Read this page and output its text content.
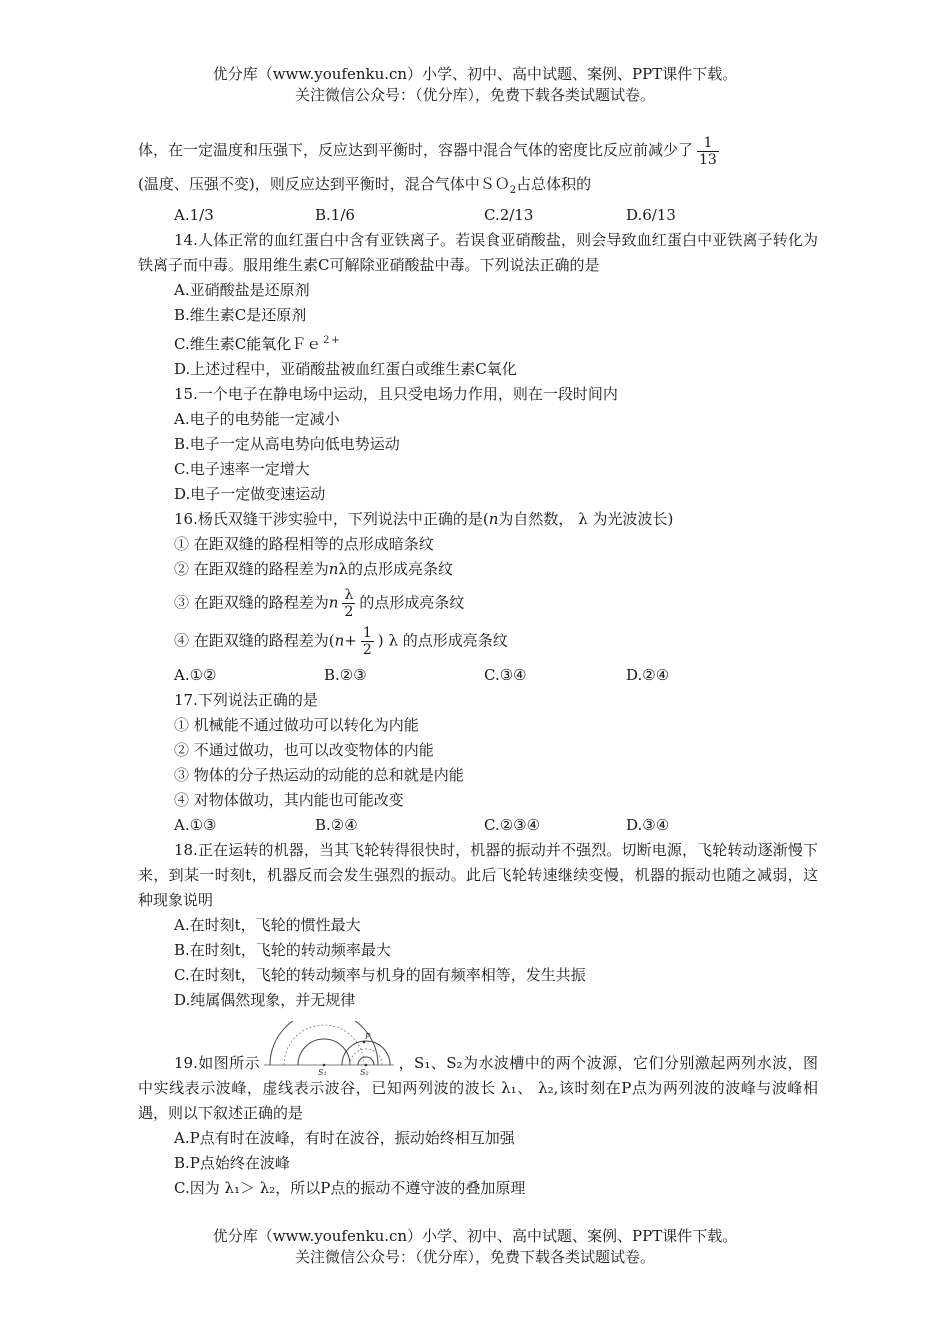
优分库（www.youfenku.cn）小学、初中、高中试题、案例、PPT课件下载。
关注微信公众号：（优分库），免费下载各类试题试卷。
体，在一定温度和压强下，反应达到平衡时，容器中混合气体的密度比反应前减少了 $\frac{1}{13}$
(温度、压强不变)，则反应达到平衡时，混合气体中ＳＯ$_2$占总体积的
A.1/3	B.1/6	C.2/13	D.6/13
14.人体正常的血红蛋白中含有亚铁离子。若误食亚硝酸盐，则会导致血红蛋白中亚铁离子转化为铁离子而中毒。服用维生素C可解除亚硝酸盐中毒。下列说法正确的是
A.亚硝酸盐是还原剂
B.维生素C是还原剂
C.维生素C能氧化Ｆｅ$^{2+}$
D.上述过程中，亚硝酸盐被血红蛋白或维生素C氧化
15.一个电子在静电场中运动，且只受电场力作用，则在一段时间内
A.电子的电势能一定减小
B.电子一定从高电势向低电势运动
C.电子速率一定增大
D.电子一定做变速运动
16.杨氏双缝干涉实验中，下列说法中正确的是(n为自然数， λ 为光波波长)
① 在距双缝的路程相等的点形成暗条纹
② 在距双缝的路程差为nλ的点形成亮条纹
③ 在距双缝的路程差为n $\frac{\lambda}{2}$ 的点形成亮条纹
④ 在距双缝的路程差为($n+ \frac{1}{2}$ ) λ 的点形成亮条纹
A.①②	B.②③	C.③④	D.②④
17.下列说法正确的是
① 机械能不通过做功可以转化为内能
② 不通过做功，也可以改变物体的内能
③ 物体的分子热运动的动能的总和就是内能
④ 对物体做功，其内能也可能改变
A.①③	B.②④	C.②③④	D.③④
18.正在运转的机器，当其飞轮转得很快时，机器的振动并不强烈。切断电源，飞轮转动逐渐慢下来，到某一时刻t，机器反而会发生强烈的振动。此后飞轮转速继续变慢，机器的振动也随之减弱，这种现象说明
A.在时刻t，飞轮的惯性最大
B.在时刻t，飞轮的转动频率最大
C.在时刻t，飞轮的转动频率与机身的固有频率相等，发生共振
D.纯属偶然现象，并无规律
19.如图所示
S₁	S₂
P
，S₁、S₂为水波槽中的两个波源，它们分别激起两列水波，图中实线表示波峰，虚线表示波谷，已知两列波的波长 λ₁、 λ₂,该时刻在P点为两列波的波峰与波峰相遇，则以下叙述正确的是
A.P点有时在波峰，有时在波谷，振动始终相互加强
B.P点始终在波峰
C.因为 λ₁＞ λ₂，所以P点的振动不遵守波的叠加原理
优分库（www.youfenku.cn）小学、初中、高中试题、案例、PPT课件下载。
关注微信公众号：（优分库），免费下载各类试题试卷。
